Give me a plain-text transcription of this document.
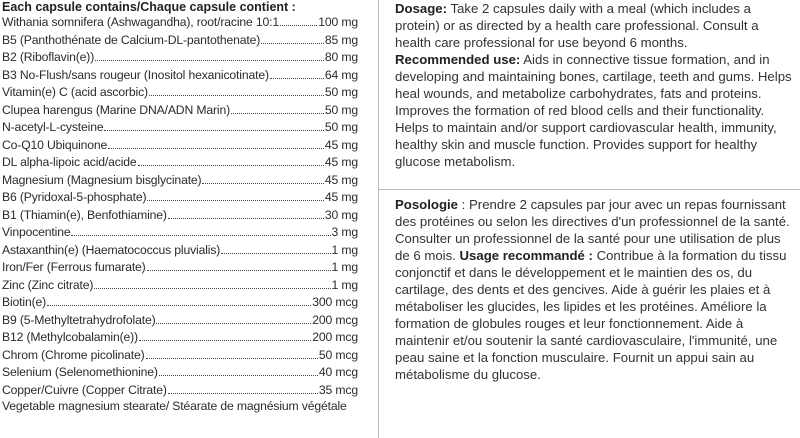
Each capsule contains/Chaque capsule contient :
Withania somnifera (Ashwagandha), root/racine 10:1	100 mg
B5 (Panthothénate de Calcium-DL-pantothenate)	85 mg
B2 (Riboflavin(e))	80 mg
B3 No-Flush/sans rougeur (Inositol hexanicotinate)	64 mg
Vitamin(e) C (acid ascorbic)	50 mg
Clupea harengus (Marine DNA/ADN Marin)	50 mg
N-acetyl-L-cysteine	50 mg
Co-Q10 Ubiquinone	45 mg
DL alpha-lipoic acid/acide	45 mg
Magnesium (Magnesium bisglycinate)	45 mg
B6 (Pyridoxal-5-phosphate)	45 mg
B1 (Thiamin(e), Benfothiamine)	30 mg
Vinpocentine	3 mg
Astaxanthin(e) (Haematococcus pluvialis)	1 mg
Iron/Fer (Ferrous fumarate)	1 mg
Zinc (Zinc citrate)	1 mg
Biotin(e)	300 mcg
B9 (5-Methyltetrahydrofolate)	200 mcg
B12 (Methylcobalamin(e))	200 mcg
Chrom (Chrome picolinate)	50 mcg
Selenium (Selenomethionine)	40 mcg
Copper/Cuivre (Copper Citrate)	35 mcg
Vegetable magnesium stearate/ Stéarate de magnésium végétale

Dosage: Take 2 capsules daily with a meal (which includes a protein) or as directed by a health care professional. Consult a health care professional for use beyond 6 months.
Recommended use: Aids in connective tissue formation, and in developing and maintaining bones, cartilage, teeth and gums. Helps heal wounds, and metabolize carbohydrates, fats and proteins. Improves the formation of red blood cells and their functionality. Helps to maintain and/or support cardiovascular health, immunity, healthy skin and muscle function. Provides support for healthy glucose metabolism.

Posologie : Prendre 2 capsules par jour avec un repas fournissant des protéines ou selon les directives d'un professionnel de la santé. Consulter un professionnel de la santé pour une utilisation de plus de 6 mois. Usage recommandé : Contribue à la formation du tissu conjonctif et dans le développement et le maintien des os, du cartilage, des dents et des gencives. Aide à guérir les plaies et à métaboliser les glucides, les lipides et les protéines. Améliore la formation de globules rouges et leur fonctionnement. Aide à maintenir et/ou soutenir la santé cardiovasculaire, l'immunité, une peau saine et la fonction musculaire. Fournit un appui sain au métabolisme du glucose.
